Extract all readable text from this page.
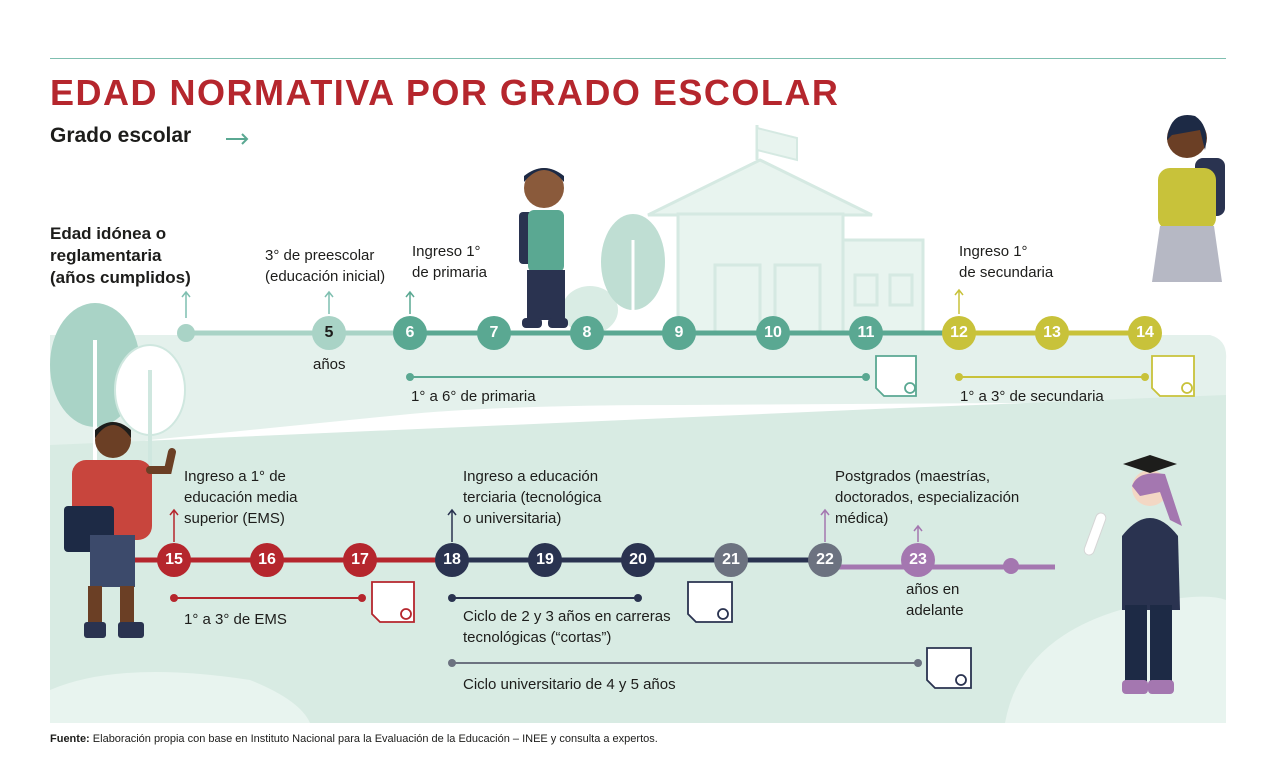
EDAD NORMATIVA POR GRADO ESCOLAR
Grado escolar
Edad idónea o
reglamentaria
(años cumplidos)
3° de preescolar
(educación inicial)
años
Ingreso 1°
de primaria
Ingreso 1°
de secundaria
1° a 6° de primaria	1° a 3° de secundaria
Ingreso a 1° de
educación media
superior (EMS)
Ingreso a educación
terciaria (tecnológica
o universitaria)
Postgrados (maestrías,
doctorados, especialización
médica)
1° a 3° de EMS	Ciclo de 2 y 3 años en carreras
tecnológicas (“cortas”)
Ciclo universitario de 4 y 5 años
años en
adelante
5	6	7	8	9	10	11	12	13	14
15	16	17	18	19	20	21	22	23
Fuente: Elaboración propia con base en Instituto Nacional para la Evaluación de la Educación – INEE y consulta a expertos.
